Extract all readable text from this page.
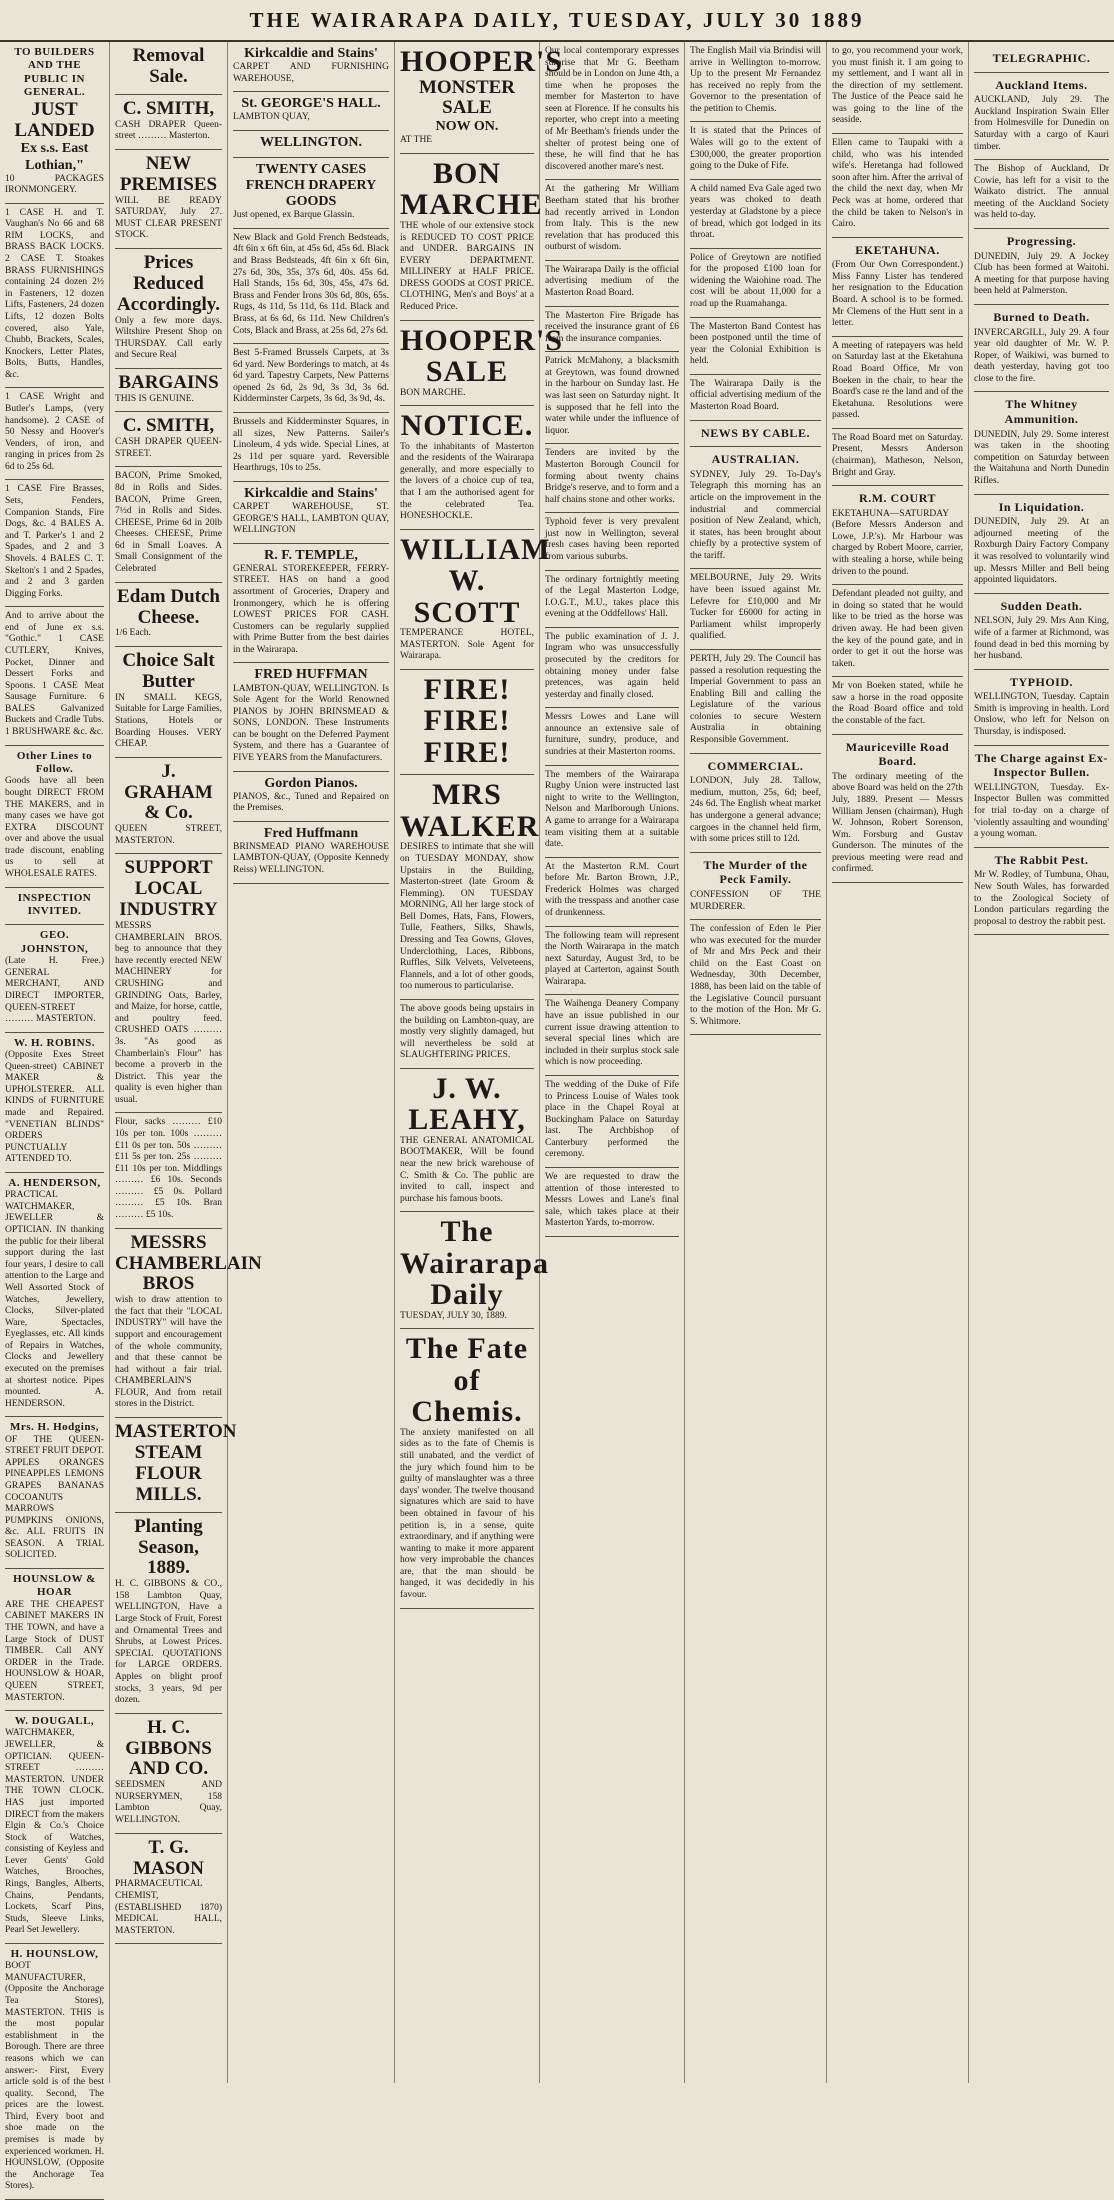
THE WAIRARAPA DAILY, TUESDAY, JULY 30 1889
TO BUILDERS AND THE PUBLIC IN GENERAL.
JUST LANDED
Ex s.s. East Lothian,"
10 PACKAGES IRONMONGERY.
1 CASE H. and T. Vaughan's No 66 and 68 RIM LOCKS, and BRASS BACK LOCKS. 2 CASE T. Stoakes BRASS FURNISHINGS containing 24 dozen 2½ in Fasteners, 12 dozen Lifts, Fasteners, 24 dozen Lifts, 12 dozen Bolts covered, also Yale, Chubb, Brackets, Scales, Knockers, Letter Plates, Bolts, Butts, Handles, &c.
1 CASE Wright and Butler's Lamps, (very handsome). 2 CASE of 50 Nessy and Hoover's Venders, of iron, and ranging in prices from 2s 6d to 25s 6d.
1 CASE Fire Brasses, Sets, Fenders, Companion Stands, Fire Dogs, &c. 4 BALES A. and T. Parker's 1 and 2 Spades, and 2 and 3 Shovels. 4 BALES C. T. Skelton's 1 and 2 Spades, and 2 and 3 garden Digging Forks.
And to arrive about the end of June ex s.s. "Gothic." 1 CASE CUTLERY, Knives, Pocket, Dinner and Dessert Forks and Spoons. 1 CASE Meat Sausage Furniture. 6 BALES Galvanized Buckets and Cradle Tubs. 1 BRUSHWARE &c. &c.
Other Lines to Follow.
Goods have all been bought DIRECT FROM THE MAKERS, and in many cases we have got EXTRA DISCOUNT over and above the usual trade discount, enabling us to sell at WHOLESALE RATES.
INSPECTION INVITED.
GEO. JOHNSTON,
(Late H. Free.) GENERAL MERCHANT, AND DIRECT IMPORTER, QUEEN-STREET ……… MASTERTON.
W. H. ROBINS.
(Opposite Exes Street Queen-street) CABINET MAKER & UPHOLSTERER. ALL KINDS of FURNITURE made and Repaired. "VENETIAN BLINDS" ORDERS PUNCTUALLY ATTENDED TO.
A. HENDERSON,
PRACTICAL WATCHMAKER, JEWELLER & OPTICIAN. IN thanking the public for their liberal support during the last four years, I desire to call attention to the Large and Well Assorted Stock of Watches, Jewellery, Clocks, Silver-plated Ware, Spectacles, Eyeglasses, etc. All kinds of Repairs in Watches, Clocks and Jewellery executed on the premises at shortest notice. Pipes mounted. A. HENDERSON.
Mrs. H. Hodgins,
OF THE QUEEN-STREET FRUIT DEPOT. APPLES ORANGES PINEAPPLES LEMONS GRAPES BANANAS COCOANUTS MARROWS PUMPKINS ONIONS, &c. ALL FRUITS IN SEASON. A TRIAL SOLICITED.
HOUNSLOW & HOAR
ARE THE CHEAPEST CABINET MAKERS IN THE TOWN, and have a Large Stock of DUST TIMBER. Call ANY ORDER in the Trade. HOUNSLOW & HOAR, QUEEN STREET, MASTERTON.
W. DOUGALL,
WATCHMAKER, JEWELLER, & OPTICIAN. QUEEN-STREET ……… MASTERTON. UNDER THE TOWN CLOCK. HAS just imported DIRECT from the makers Elgin & Co.'s Choice Stock of Watches, consisting of Keyless and Lever Gents' Gold Watches, Brooches, Rings, Bangles, Alberts, Chains, Pendants, Lockets, Scarf Pins, Studs, Sleeve Links, Pearl Set Jewellery.
H. HOUNSLOW,
BOOT MANUFACTURER, (Opposite the Anchorage Tea Stores), MASTERTON. THIS is the most popular establishment in the Borough. There are three reasons which we can answer:- First, Every article sold is of the best quality. Second, The prices are the lowest. Third, Every boot and shoe made on the premises is made by experienced workmen. H. HOUNSLOW, (Opposite the Anchorage Tea Stores).
Removal Sale.
C. SMITH,
CASH DRAPER Queen-street ……… Masterton.
NEW PREMISES
WILL BE READY SATURDAY, July 27. MUST CLEAR PRESENT STOCK.
Prices Reduced Accordingly.
Only a few more days. Wiltshire Present Shop on THURSDAY. Call early and Secure Real
BARGAINS
THIS IS GENUINE.
C. SMITH,
CASH DRAPER QUEEN-STREET.
BACON, Prime Smoked, 8d in Rolls and Sides. BACON, Prime Green, 7½d in Rolls and Sides. CHEESE, Prime 6d in 20lb Cheeses. CHEESE, Prime 6d in Small Loaves. A Small Consignment of the Celebrated
Edam Dutch Cheese.
1/6 Each.
Choice Salt Butter
IN SMALL KEGS, Suitable for Large Families, Stations, Hotels or Boarding Houses. VERY CHEAP.
J. GRAHAM & Co.
QUEEN STREET, MASTERTON.
SUPPORT LOCAL INDUSTRY
MESSRS CHAMBERLAIN BROS. beg to announce that they have recently erected NEW MACHINERY for CRUSHING and GRINDING Oats, Barley, and Maize, for horse, cattle, and poultry feed. CRUSHED OATS ……… 3s. "As good as Chamberlain's Flour" has become a proverb in the District. This year the quality is even higher than usual.
Flour, sacks ……… £10 10s per ton. 100s ……… £11 0s per ton. 50s ……… £11 5s per ton. 25s ……… £11 10s per ton. Middlings ……… £6 10s. Seconds ……… £5 0s. Pollard ……… £5 10s. Bran ……… £5 10s.
MESSRS CHAMBERLAIN BROS
wish to draw attention to the fact that their "LOCAL INDUSTRY" will have the support and encouragement of the whole community, and that these cannot be had without a fair trial. CHAMBERLAIN'S FLOUR, And from retail stores in the District.
MASTERTON STEAM FLOUR MILLS.
Planting Season, 1889.
H. C. GIBBONS & CO., 158 Lambton Quay, WELLINGTON, Have a Large Stock of Fruit, Forest and Ornamental Trees and Shrubs, at Lowest Prices. SPECIAL QUOTATIONS for LARGE ORDERS. Apples on blight proof stocks, 3 years, 9d per dozen.
H. C. GIBBONS AND CO.
SEEDSMEN AND NURSERYMEN, 158 Lambton Quay, WELLINGTON.
T. G. MASON
PHARMACEUTICAL CHEMIST, (ESTABLISHED 1870) MEDICAL HALL, MASTERTON.
Kirkcaldie and Stains'
CARPET AND FURNISHING WAREHOUSE,
St. GEORGE'S HALL.
LAMBTON QUAY,
WELLINGTON.
TWENTY CASES FRENCH DRAPERY GOODS
Just opened, ex Barque Glassin.
New Black and Gold French Bedsteads, 4ft 6in x 6ft 6in, at 45s 6d, 45s 6d. Black and Brass Bedsteads, 4ft 6in x 6ft 6in, 27s 6d, 30s, 35s, 37s 6d, 40s. 45s 6d. Hall Stands, 15s 6d, 30s, 45s, 47s 6d. Brass and Fender Irons 30s 6d, 80s, 65s. Rugs, 4s 11d, 5s 11d, 6s 11d. Black and Brass, at 6s 6d, 6s 11d. New Children's Cots, Black and Brass, at 25s 6d, 27s 6d.
Best 5-Framed Brussels Carpets, at 3s 6d yard. New Borderings to match, at 4s 6d yard. Tapestry Carpets, New Patterns opened 2s 6d, 2s 9d, 3s 3d, 3s 6d. Kidderminster Carpets, 3s 6d, 3s 9d, 4s.
Brussels and Kidderminster Squares, in all sizes, New Patterns. Sailer's Linoleum, 4 yds wide. Special Lines, at 2s 11d per square yard. Reversible Hearthrugs, 10s to 25s.
Kirkcaldie and Stains'
CARPET WAREHOUSE, ST. GEORGE'S HALL, LAMBTON QUAY, WELLINGTON
R. F. TEMPLE,
GENERAL STOREKEEPER, FERRY-STREET. HAS on hand a good assortment of Groceries, Drapery and Ironmongery, which he is offering LOWEST PRICES FOR CASH. Customers can be regularly supplied with Prime Butter from the best dairies in the Wairarapa.
FRED HUFFMAN
LAMBTON-QUAY, WELLINGTON. Is Sole Agent for the World Renowned PIANOS by JOHN BRINSMEAD & SONS, LONDON. These Instruments can be bought on the Deferred Payment System, and there has a Guarantee of FIVE YEARS from the Manufacturers.
Gordon Pianos.
PIANOS, &c., Tuned and Repaired on the Premises.
Fred Huffmann
BRINSMEAD PIANO WAREHOUSE LAMBTON-QUAY, (Opposite Kennedy Reiss) WELLINGTON.
HOOPER'S
MONSTER SALE
NOW ON.
AT THE
BON MARCHE
THE whole of our extensive stock is REDUCED TO COST PRICE and UNDER. BARGAINS IN EVERY DEPARTMENT. MILLINERY at HALF PRICE. DRESS GOODS at COST PRICE. CLOTHING, Men's and Boys' at a Reduced Price.
HOOPER'S SALE
BON MARCHE.
NOTICE.
To the inhabitants of Masterton and the residents of the Wairarapa generally, and more especially to the lovers of a choice cup of tea, that I am the authorised agent for the celebrated Tea. HONESHOCKLE.
WILLIAM W. SCOTT
TEMPERANCE HOTEL, MASTERTON. Sole Agent for Wairarapa.
FIRE! FIRE! FIRE!
MRS WALKER
DESIRES to intimate that she will on TUESDAY MONDAY, show Upstairs in the Building, Masterton-street (late Groom & Flemming). ON TUESDAY MORNING, All her large stock of Bell Domes, Hats, Fans, Flowers, Tulle, Feathers, Silks, Shawls, Dressing and Tea Gowns, Gloves, Underclothing, Laces, Ribbons, Ruffles, Silk Velvets, Velveteens, Flannels, and a lot of other goods, too numerous to particularise.
The above goods being upstairs in the building on Lambton-quay, are mostly very slightly damaged, but will nevertheless be sold at SLAUGHTERING PRICES.
J. W. LEAHY,
THE GENERAL ANATOMICAL BOOTMAKER, Will be found near the new brick warehouse of C. Smith & Co. The public are invited to call, inspect and purchase his famous boots.
The Wairarapa Daily
TUESDAY, JULY 30, 1889.
The Fate of Chemis.
The anxiety manifested on all sides as to the fate of Chemis is still unabated, and the verdict of the jury which found him to be guilty of manslaughter was a three days' wonder. The twelve thousand signatures which are said to have been obtained in favour of his petition is, in a sense, quite extraordinary, and if anything were wanting to make it more apparent how very improbable the chances are, that the man should be hanged, it was decidedly in his favour.
Our local contemporary expresses surprise that Mr G. Beetham should be in London on June 4th, a time when he proposes the member for Masterton to have seen at Florence. If he consults his reporter, who crept into a meeting of Mr Beetham's friends under the shelter of protest being one of these, he will find that he has discovered another mare's nest.
At the gathering Mr William Beetham stated that his brother had recently arrived in London from Italy. This is the new revelation that has produced this outburst of wisdom.
The Wairarapa Daily is the official advertising medium of the Masterton Road Board.
The Masterton Fire Brigade has received the insurance grant of £6 from the insurance companies.
Patrick McMahony, a blacksmith at Greytown, was found drowned in the harbour on Sunday last. He was last seen on Saturday night. It is supposed that he fell into the water while under the influence of liquor.
Tenders are invited by the Masterton Borough Council for forming about twenty chains Bridge's reserve, and to form and a half chains stone and other works.
Typhoid fever is very prevalent just now in Wellington, several fresh cases having been reported from various suburbs.
The ordinary fortnightly meeting of the Legal Masterton Lodge, I.O.G.T., M.U., takes place this evening at the Oddfellows' Hall.
The public examination of J. J. Ingram who was unsuccessfully prosecuted by the creditors for obtaining money under false pretences, was again held yesterday and finally closed.
Messrs Lowes and Lane will announce an extensive sale of furniture, sundry, produce, and sundries at their Masterton rooms.
The members of the Wairarapa Rugby Union were instructed last night to write to the Wellington, Nelson and Marlborough Unions. A game to arrange for a Wairarapa team visiting them at a suitable date.
At the Masterton R.M. Court before Mr. Barton Brown, J.P., Frederick Holmes was charged with the tresspass and another case of drunkenness.
The following team will represent the North Wairarapa in the match next Saturday, August 3rd, to be played at Carterton, against South Wairarapa.
The Waihenga Deanery Company have an issue published in our current issue drawing attention to several special lines which are included in their surplus stock sale which is now proceeding.
The wedding of the Duke of Fife to Princess Louise of Wales took place in the Chapel Royal at Buckingham Palace on Saturday last. The Archbishop of Canterbury performed the ceremony.
We are requested to draw the attention of those interested to Messrs Lowes and Lane's final sale, which takes place at their Masterton Yards, to-morrow.
The English Mail via Brindisi will arrive in Wellington to-morrow. Up to the present Mr Fernandez has received no reply from the Governor to the presentation of the petition to Chemis.
It is stated that the Princes of Wales will go to the extent of £300,000, the greater proportion going to the Duke of Fife.
A child named Eva Gale aged two years was choked to death yesterday at Gladstone by a piece of bread, which got lodged in its throat.
Police of Greytown are notified for the proposed £100 loan for widening the Waiohine road. The cost will be about 11,000 for a road up the Ruamahanga.
The Masterton Band Contest has been postponed until the time of year the Colonial Exhibition is held.
The Wairarapa Daily is the official advertising medium of the Masterton Road Board.
NEWS BY CABLE.
AUSTRALIAN.
SYDNEY, July 29. To-Day's Telegraph this morning has an article on the improvement in the industrial and commercial position of New Zealand, which, it states, has been brought about chiefly by a protective system of the tariff.
MELBOURNE, July 29. Writs have been issued against Mr. Lefevre for £10,000 and Mr Tucker for £6000 for acting in Parliament whilst improperly qualified.
PERTH, July 29. The Council has passed a resolution requesting the Imperial Government to pass an Enabling Bill and calling the Legislature of the various colonies to secure Western Australia in obtaining Responsible Government.
COMMERCIAL.
LONDON, July 28. Tallow, medium, mutton, 25s, 6d; beef, 24s 6d. The English wheat market has undergone a general advance; cargoes in the channel held firm, with some prices still to 12d.
The Murder of the Peck Family.
CONFESSION OF THE MURDERER.
The confession of Eden le Pier who was executed for the murder of Mr and Mrs Peck and their child on the East Coast on Wednesday, 30th December, 1888, has been laid on the table of the Legislative Council pursuant to the motion of the Hon. Mr G. S. Whitmore.
to go, you recommend your work, you must finish it. I am going to my settlement, and I want all in the direction of my settlement. The Justice of the Peace said he was going to the line of the seaside.
Ellen came to Taupaki with a child, who was his intended wife's. Heretanga had followed soon after him. After the arrival of the child the next day, when Mr Peck was at home, ordered that the child be taken to Nelson's in Cairo.
EKETAHUNA.
(From Our Own Correspondent.) Miss Fanny Lister has tendered her resignation to the Education Board. A school is to be formed. Mr Clemens of the Hutt sent in a letter.
A meeting of ratepayers was held on Saturday last at the Eketahuna Road Board Office, Mr von Boeken in the chair, to hear the Board's case re the land and of the Eketahuna. Resolutions were passed.
The Road Board met on Saturday. Present, Messrs Anderson (chairman), Matheson, Nelson, Bright and Gray.
R.M. COURT
EKETAHUNA—SATURDAY (Before Messrs Anderson and Lowe, J.P.'s). Mr Harbour was charged by Robert Moore, carrier, with stealing a horse, while being driven to the pound.
Defendant pleaded not guilty, and in doing so stated that he would like to be tried as the horse was driven away. He had been given the key of the pound gate, and in order to get it out the horse was taken.
Mr von Boeken stated, while he saw a horse in the road opposite the Road Board office and told the constable of the fact.
Mauriceville Road Board.
The ordinary meeting of the above Board was held on the 27th July, 1889. Present — Messrs William Jensen (chairman), Hugh W. Johnson, Robert Sorenson, Wm. Forsburg and Gustav Gunderson. The minutes of the previous meeting were read and confirmed.
TELEGRAPHIC.
Auckland Items.
AUCKLAND, July 29. The Auckland Inspiration Swain Eller from Holmesville for Dunedin on Saturday with a cargo of Kauri timber.
The Bishop of Auckland, Dr Cowie, has left for a visit to the Waikato district. The annual meeting of the Auckland Society was held to-day.
Progressing.
DUNEDIN, July 29. A Jockey Club has been formed at Waitohi. A meeting for that purpose having been held at Palmerston.
Burned to Death.
INVERCARGILL, July 29. A four year old daughter of Mr. W. P. Roper, of Waikiwi, was burned to death yesterday, having got too close to the fire.
The Whitney Ammunition.
DUNEDIN, July 29. Some interest was taken in the shooting competition on Saturday between the Waitahuna and North Dunedin Rifles.
In Liquidation.
DUNEDIN, July 29. At an adjourned meeting of the Roxburgh Dairy Factory Company it was resolved to voluntarily wind up. Messrs Miller and Bell being appointed liquidators.
Sudden Death.
NELSON, July 29. Mrs Ann King, wife of a farmer at Richmond, was found dead in bed this morning by her husband.
TYPHOID.
WELLINGTON, Tuesday. Captain Smith is improving in health. Lord Onslow, who left for Nelson on Thursday, is indisposed.
The Charge against Ex-Inspector Bullen.
WELLINGTON, Tuesday. Ex-Inspector Bullen was committed for trial to-day on a charge of 'violently assaulting and wounding' a young woman.
The Rabbit Pest.
Mr W. Rodley, of Tumbuna, Ohau, New South Wales, has forwarded to the Zoological Society of London particulars regarding the proposal to destroy the rabbit pest.
